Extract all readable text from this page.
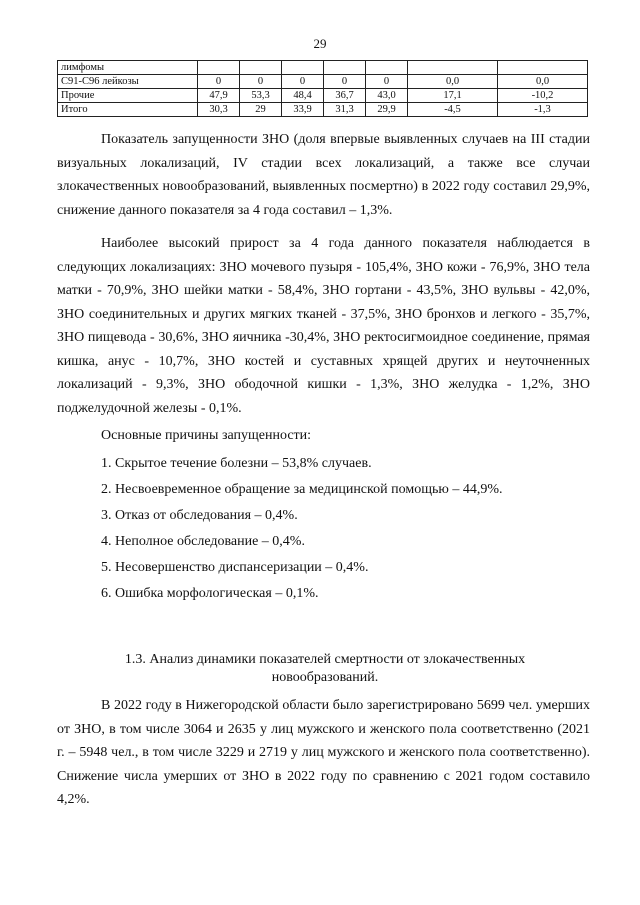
29
лимфомы							
С91-С96 лейкозы	0	0	0	0	0	0,0	0,0
Прочие	47,9	53,3	48,4	36,7	43,0	17,1	-10,2
Итого	30,3	29	33,9	31,3	29,9	-4,5	-1,3

Показатель запущенности ЗНО (доля впервые выявленных случаев на III стадии визуальных локализаций, IV стадии всех локализаций, а также все случаи злокачественных новообразований, выявленных посмертно) в 2022 году составил 29,9%, снижение данного показателя за 4 года составил – 1,3%.

Наиболее высокий прирост за 4 года данного показателя наблюдается в следующих локализациях: ЗНО мочевого пузыря - 105,4%, ЗНО кожи - 76,9%, ЗНО тела матки - 70,9%, ЗНО шейки матки - 58,4%, ЗНО гортани - 43,5%, ЗНО вульвы - 42,0%, ЗНО соединительных и других мягких тканей - 37,5%, ЗНО бронхов и легкого - 35,7%, ЗНО пищевода - 30,6%, ЗНО яичника -30,4%, ЗНО ректосигмоидное соединение, прямая кишка, анус - 10,7%, ЗНО костей и суставных хрящей других и неуточненных локализаций - 9,3%, ЗНО ободочной кишки - 1,3%, ЗНО желудка - 1,2%, ЗНО поджелудочной железы - 0,1%.

Основные причины запущенности:

1. Скрытое течение болезни – 53,8% случаев.
2. Несвоевременное обращение за медицинской помощью – 44,9%.
3. Отказ от обследования – 0,4%.
4. Неполное обследование – 0,4%.
5. Несовершенство диспансеризации – 0,4%.
6. Ошибка морфологическая – 0,1%.

1.3. Анализ динамики показателей смертности от злокачественных новообразований.

В 2022 году в Нижегородской области было зарегистрировано 5699 чел. умерших от ЗНО, в том числе 3064 и 2635 у лиц мужского и женского пола соответственно (2021 г. – 5948 чел., в том числе 3229 и 2719 у лиц мужского и женского пола соответственно). Снижение числа умерших от ЗНО в 2022 году по сравнению с 2021 годом составило 4,2%.
